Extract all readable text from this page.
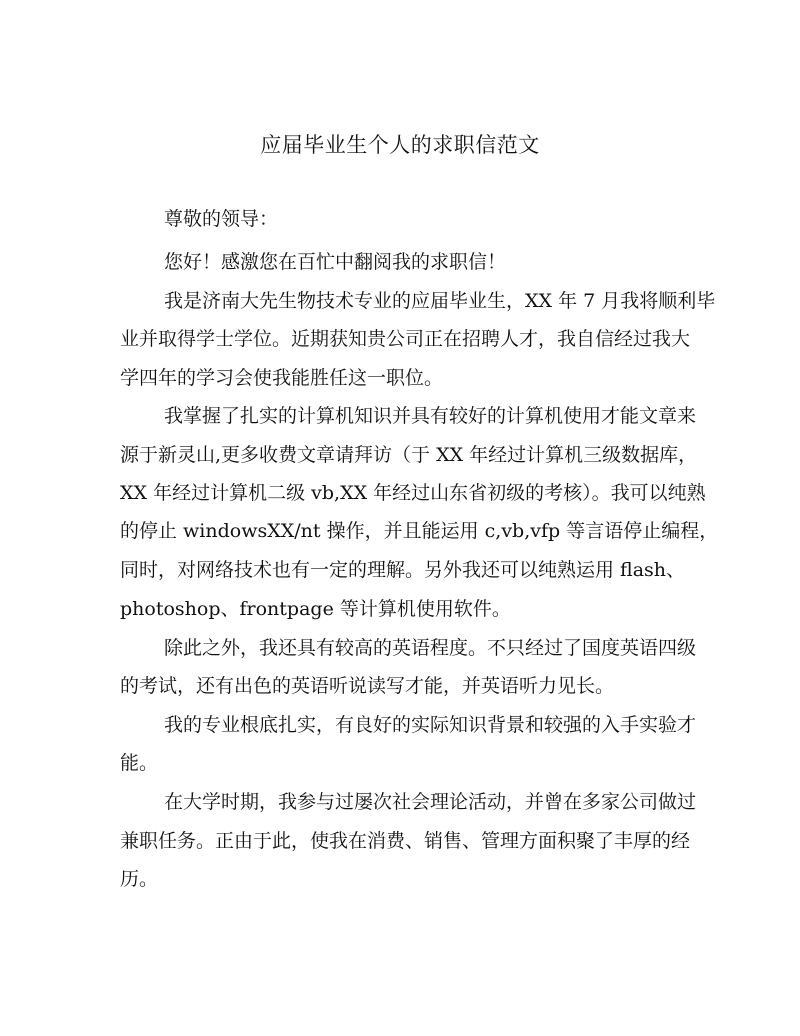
应届毕业生个人的求职信范文
尊敬的领导：
您好！感激您在百忙中翻阅我的求职信！
我是济南大先生物技术专业的应届毕业生，XX 年 7 月我将顺利毕
业并取得学士学位。近期获知贵公司正在招聘人才，我自信经过我大
学四年的学习会使我能胜任这一职位。
我掌握了扎实的计算机知识并具有较好的计算机使用才能文章来
源于新灵山,更多收费文章请拜访（于 XX 年经过计算机三级数据库，
XX 年经过计算机二级 vb,XX 年经过山东省初级的考核）。我可以纯熟
的停止 windowsXX/nt 操作，并且能运用 c,vb,vfp 等言语停止编程，
同时，对网络技术也有一定的理解。另外我还可以纯熟运用 flash、
photoshop、frontpage 等计算机使用软件。
除此之外，我还具有较高的英语程度。不只经过了国度英语四级
的考试，还有出色的英语听说读写才能，并英语听力见长。
我的专业根底扎实，有良好的实际知识背景和较强的入手实验才
能。
在大学时期，我参与过屡次社会理论活动，并曾在多家公司做过
兼职任务。正由于此，使我在消费、销售、管理方面积聚了丰厚的经
历。
